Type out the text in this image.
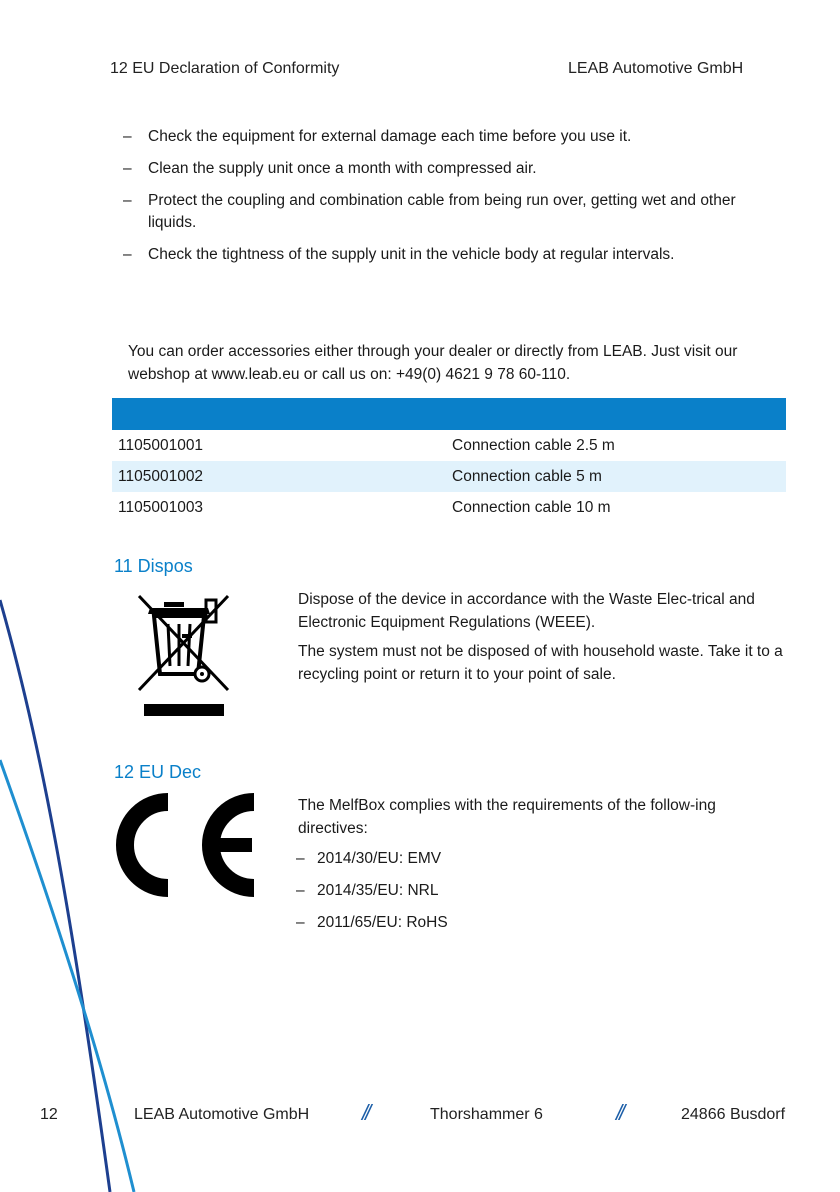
12 EU Declaration of Conformity	LEAB Automotive GmbH
– Check the equipment for external damage each time before you use it.
– Clean the supply unit once a month with compressed air.
– Protect the coupling and combination cable from being run over, getting wet and other liquids.
– Check the tightness of the supply unit in the vehicle body at regular intervals.
You can order accessories either through your dealer or directly from LEAB. Just visit our webshop at www.leab.eu or call us on: +49(0) 4621 9 78 60-110.

1105001001	Connection cable 2.5 m
1105001002	Connection cable 5 m
1105001003	Connection cable 10 m
11 Dispos
Dispose of the device in accordance with the Waste Elec-trical and Electronic Equipment Regulations (WEEE).
The system must not be disposed of with household waste. Take it to a recycling point or return it to your point of sale.
12 EU Dec
The MelfBox complies with the requirements of the follow-ing directives:
– 2014/30/EU: EMV
– 2014/35/EU: NRL
– 2011/65/EU: RoHS
12	LEAB Automotive GmbH //	Thorshammer 6	//	24866 Busdorf
